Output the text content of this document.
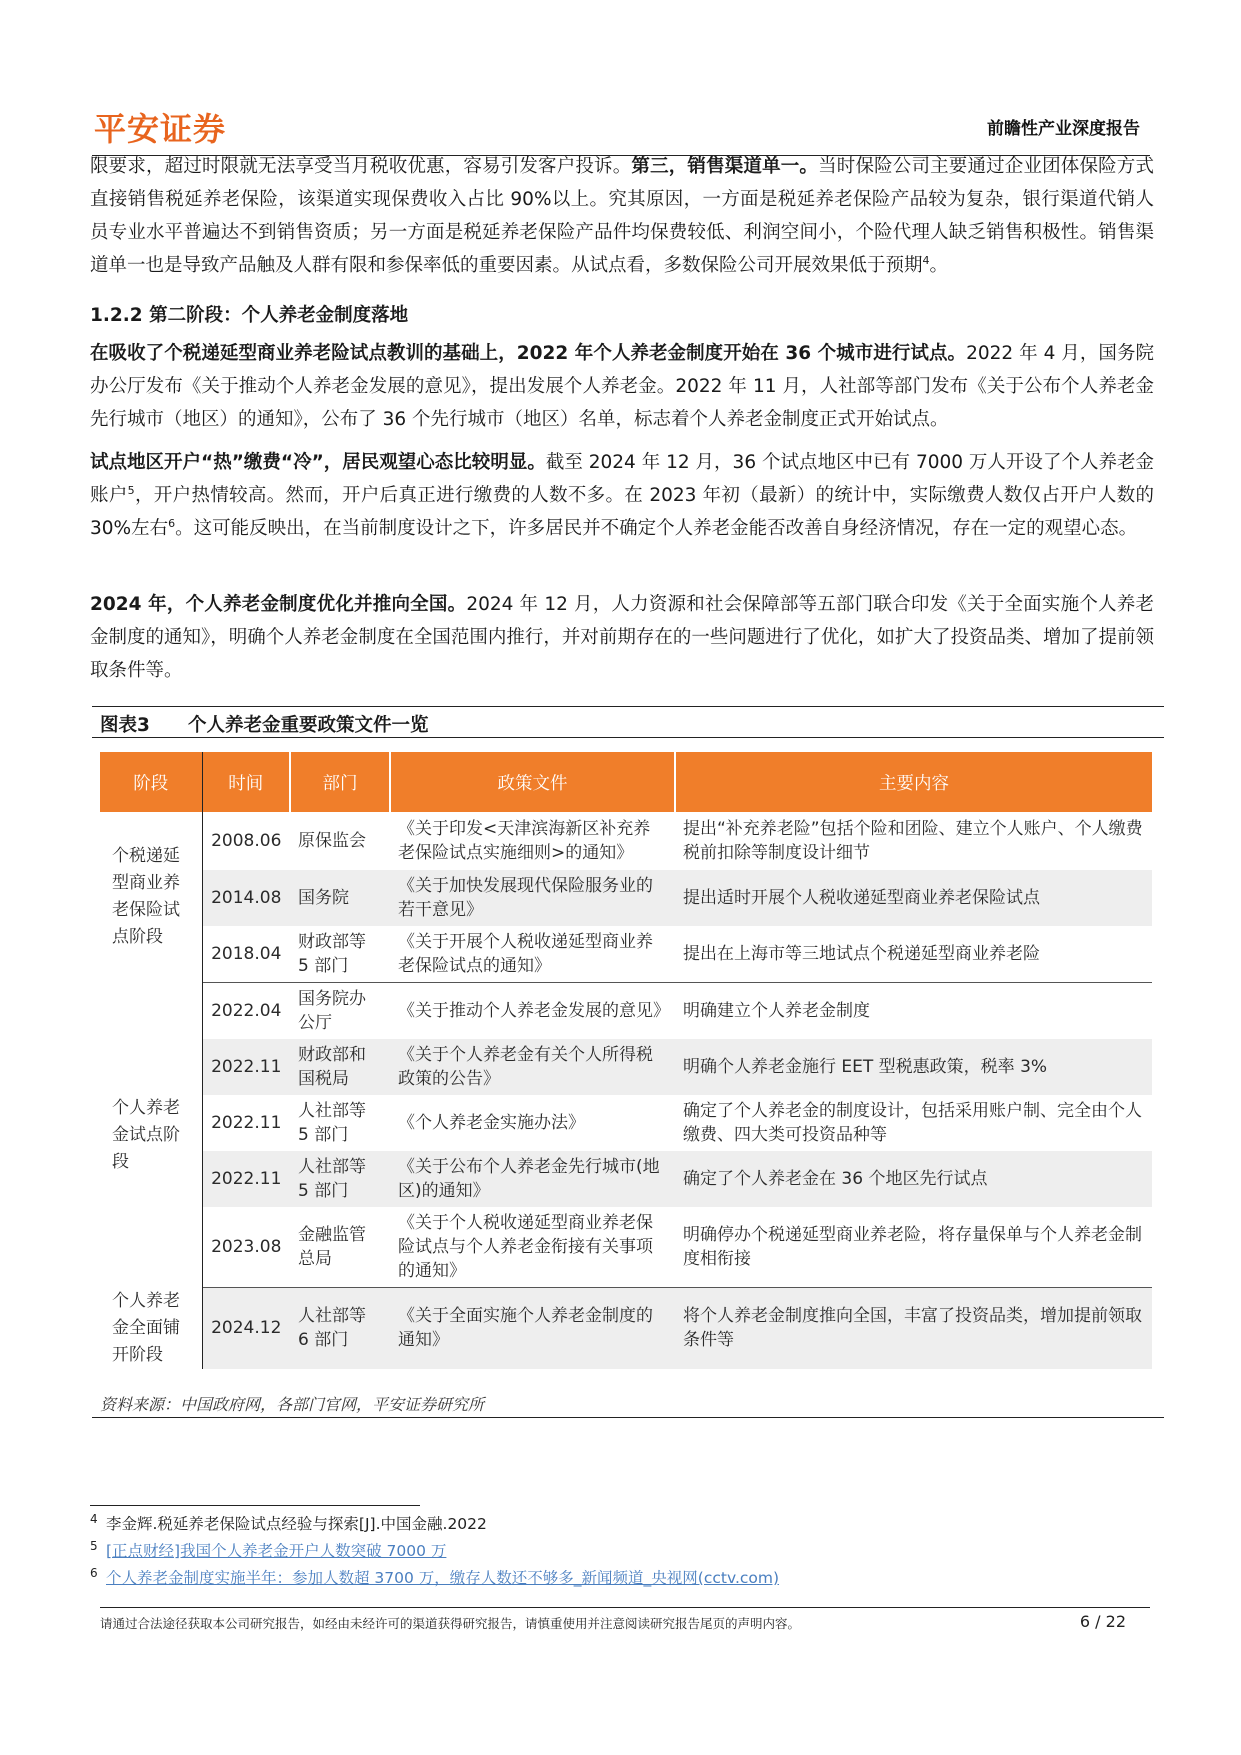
平安证券	前瞻性产业深度报告
限要求，超过时限就无法享受当月税收优惠，容易引发客户投诉。第三，销售渠道单一。当时保险公司主要通过企业团体保险方式直接销售税延养老保险，该渠道实现保费收入占比 90%以上。究其原因，一方面是税延养老保险产品较为复杂，银行渠道代销人员专业水平普遍达不到销售资质；另一方面是税延养老保险产品件均保费较低、利润空间小，个险代理人缺乏销售积极性。销售渠道单一也是导致产品触及人群有限和参保率低的重要因素。从试点看，多数保险公司开展效果低于预期$^4$。
1.2.2 第二阶段：个人养老金制度落地
在吸收了个税递延型商业养老险试点教训的基础上，2022 年个人养老金制度开始在 36 个城市进行试点。2022 年 4 月，国务院办公厅发布《关于推动个人养老金发展的意见》，提出发展个人养老金。2022 年 11 月，人社部等部门发布《关于公布个人养老金先行城市（地区）的通知》，公布了 36 个先行城市（地区）名单，标志着个人养老金制度正式开始试点。
试点地区开户“热”缴费“冷”，居民观望心态比较明显。截至 2024 年 12 月，36 个试点地区中已有 7000 万人开设了个人养老金账户$^5$，开户热情较高。然而，开户后真正进行缴费的人数不多。在 2023 年初（最新）的统计中，实际缴费人数仅占开户人数的 30%左右$^6$。这可能反映出，在当前制度设计之下，许多居民并不确定个人养老金能否改善自身经济情况，存在一定的观望心态。
2024 年，个人养老金制度优化并推向全国。2024 年 12 月，人力资源和社会保障部等五部门联合印发《关于全面实施个人养老金制度的通知》，明确个人养老金制度在全国范围内推行，并对前期存在的一些问题进行了优化，如扩大了投资品类、增加了提前领取条件等。
图表3 个人养老金重要政策文件一览
阶段	时间	部门	政策文件	主要内容
个税递延型商业养老保险试点阶段	2008.06	原保监会	《关于印发<天津滨海新区补充养老保险试点实施细则>的通知》	提出“补充养老险”包括个险和团险、建立个人账户、个人缴费税前扣除等制度设计细节
	2014.08	国务院	《关于加快发展现代保险服务业的若干意见》	提出适时开展个人税收递延型商业养老保险试点
	2018.04	财政部等 5 部门	《关于开展个人税收递延型商业养老保险试点的通知》	提出在上海市等三地试点个税递延型商业养老险
个人养老金试点阶段	2022.04	国务院办公厅	《关于推动个人养老金发展的意见》	明确建立个人养老金制度
	2022.11	财政部和国税局	《关于个人养老金有关个人所得税政策的公告》	明确个人养老金施行 EET 型税惠政策，税率 3%
	2022.11	人社部等 5 部门	《个人养老金实施办法》	确定了个人养老金的制度设计，包括采用账户制、完全由个人缴费、四大类可投资品种等
	2022.11	人社部等 5 部门	《关于公布个人养老金先行城市(地区)的通知》	确定了个人养老金在 36 个地区先行试点
	2023.08	金融监管总局	《关于个人税收递延型商业养老保险试点与个人养老金衔接有关事项的通知》	明确停办个税递延型商业养老险，将存量保单与个人养老金制度相衔接
个人养老金全面铺开阶段	2024.12	人社部等 6 部门	《关于全面实施个人养老金制度的通知》	将个人养老金制度推向全国，丰富了投资品类，增加提前领取条件等
资料来源：中国政府网，各部门官网，平安证券研究所
4 李金辉.税延养老保险试点经验与探索[J].中国金融.2022
5 [正点财经]我国个人养老金开户人数突破 7000 万
6 个人养老金制度实施半年：参加人数超 3700 万，缴存人数还不够多_新闻频道_央视网(cctv.com)
请通过合法途径获取本公司研究报告，如经由未经许可的渠道获得研究报告，请慎重使用并注意阅读研究报告尾页的声明内容。	6 / 22
